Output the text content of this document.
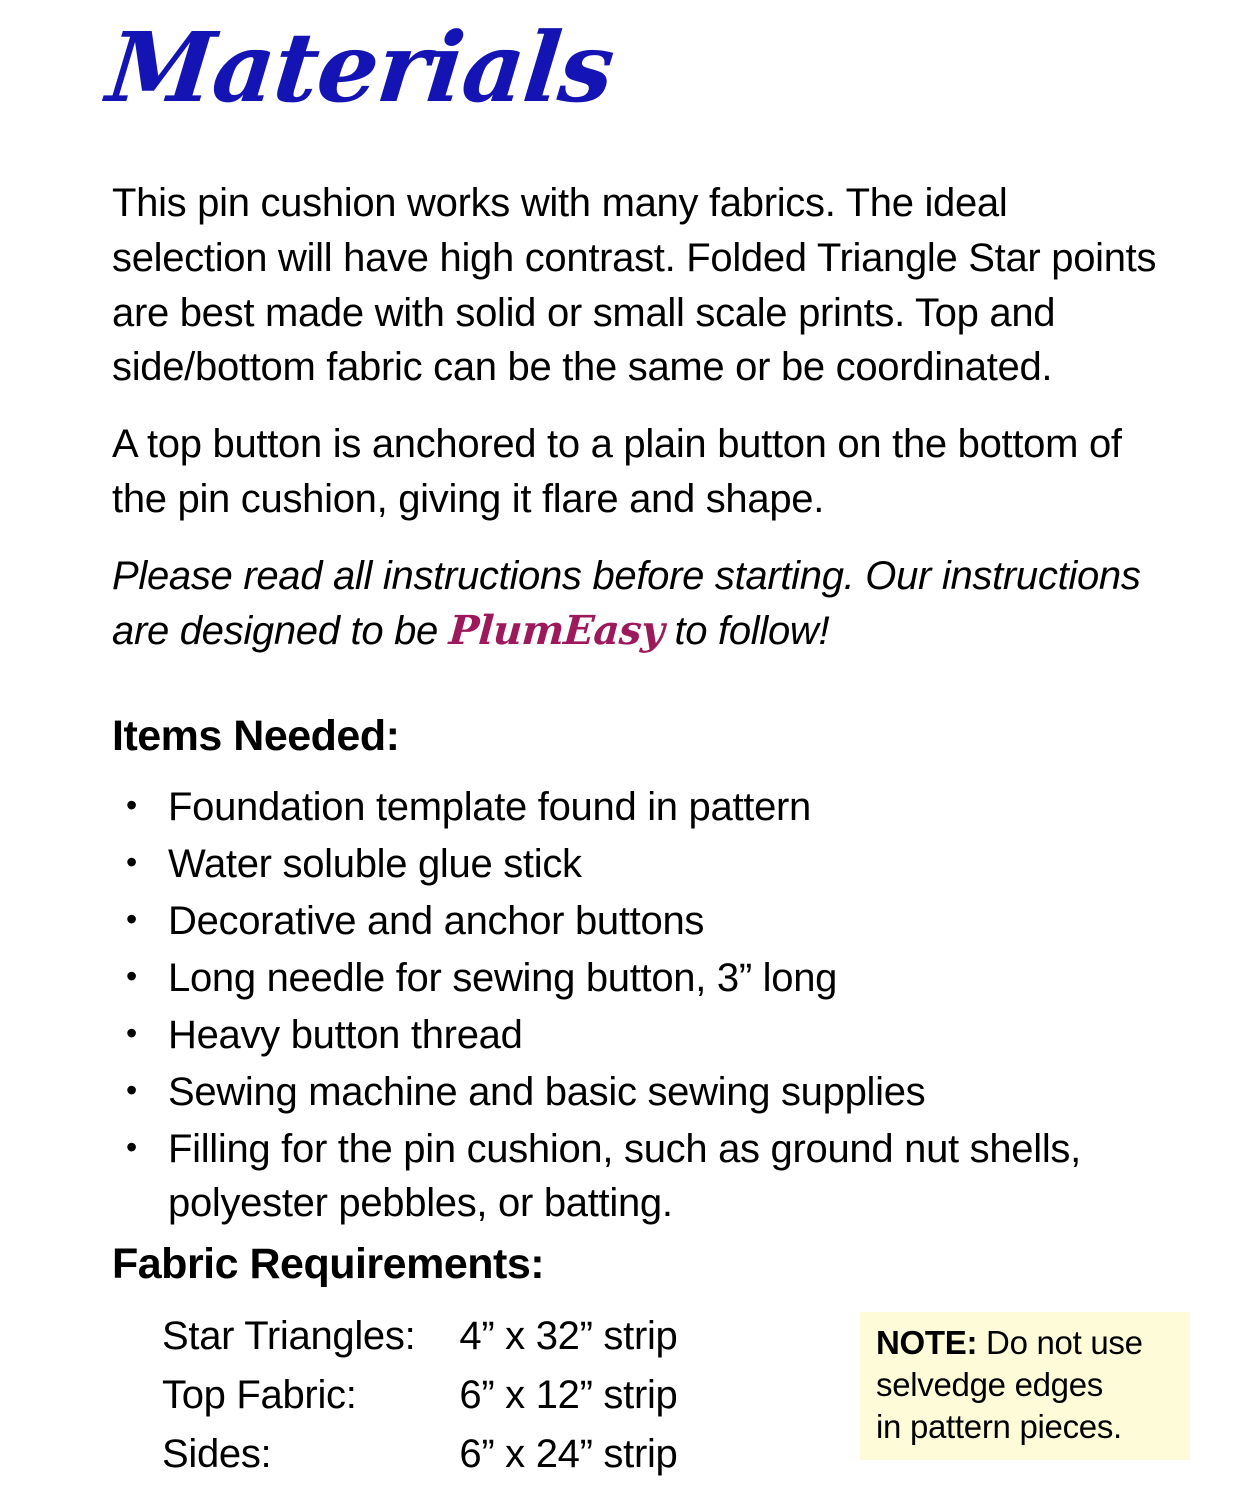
Materials

This pin cushion works with many fabrics. The ideal selection will have high contrast. Folded Triangle Star points are best made with solid or small scale prints. Top and side/bottom fabric can be the same or be coordinated.

A top button is anchored to a plain button on the bottom of the pin cushion, giving it flare and shape.

Please read all instructions before starting. Our instructions are designed to be PlumEasy to follow!

Items Needed:
• Foundation template found in pattern
• Water soluble glue stick
• Decorative and anchor buttons
• Long needle for sewing button, 3” long
• Heavy button thread
• Sewing machine and basic sewing supplies
• Filling for the pin cushion, such as ground nut shells, polyester pebbles, or batting.
Fabric Requirements:
Star Triangles:	4” x 32” strip
Top Fabric:	6” x 12” strip
Sides:	6” x 24” strip
NOTE: Do not use
selvedge edges
in pattern pieces.
